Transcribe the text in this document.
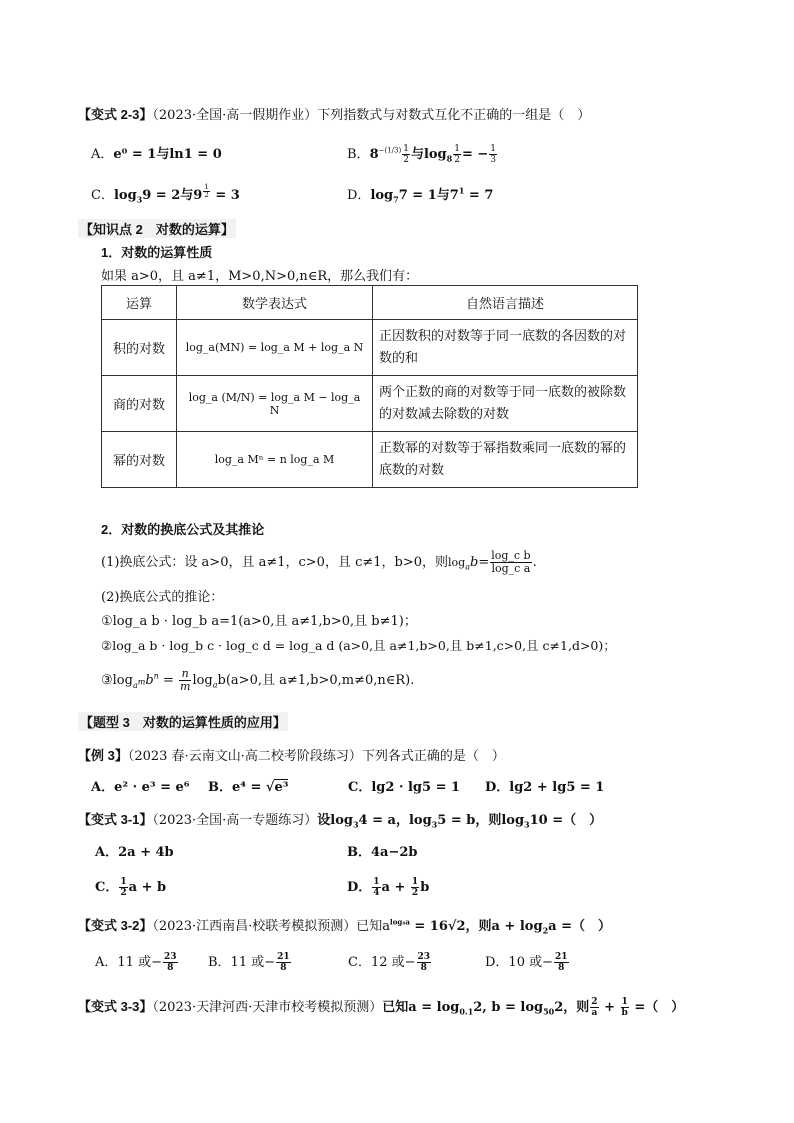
【变式 2-3】（2023·全国·高一假期作业）下列指数式与对数式互化不正确的一组是（　）
A．e⁰ = 1与ln1 = 0	B．$8^{-(1/3)} \frac{1}{2}$ 与$\log_8 \frac{1}{2}$ = − $\frac{1}{3}$
C．$\log_39 = 2$与$9 \frac{1}{2} = 3$	D．$\log_77 = 1$与$7^1 = 7$
【知识点 2　对数的运算】
1．对数的运算性质
如果 a>0，且 a≠1，M>0,N>0,n∈R，那么我们有：
运算	数学表达式	自然语言描述
积的对数	log_a(MN) = log_a M + log_a N	正因数积的对数等于同一底数的各因数的对数的和
商的对数	log_a (M/N) = log_a M − log_a N	两个正数的商的对数等于同一底数的被除数的对数减去除数的对数
幂的对数	log_a Mⁿ = n log_a M	正数幂的对数等于幂指数乘同一底数的幂的底数的对数
2．对数的换底公式及其推论
(1)换底公式：设 a>0，且 a≠1，c>0，且 c≠1，b>0，则$\log_ab= \frac{\text{log\_c b}}{\text{log\_c a}}$ .
(2)换底公式的推论：
①log_a b · log_b a=1(a>0,且 a≠1,b>0,且 b≠1)；
②log_a b · log_b c · log_c d = log_a d (a>0,且 a≠1,b>0,且 b≠1,c>0,且 c≠1,d>0)；
$③\log_{a^m}b^n = \frac{n}{m} \log_ab(a>0$,且 a≠1,b>0,m≠0,n∈R).
【题型 3　对数的运算性质的应用】
【例 3】（2023 春·云南文山·高二校考阶段练习）下列各式正确的是（　）
A．e² · e³ = e⁶ B．e⁴ = √e³	C．lg2 · lg5 = 1 D．lg2 + lg5 = 1
【变式 3-1】（2023·全国·高一专题练习）设$\log_34 = a$，$\log_35 = b$，则$\log_310$ =（　）
A．2a + 4b	B．4a−2b
C． $\frac{1}{2}$ a + b	D． $\frac{1}{4}$ $a + \frac{1}{2}$ b
【变式 3-2】（2023·江西南昌·校联考模拟预测）已知$a^{log_4a} = 16√2$，则$a + \log_2a$ =（　）
A．11 或− $\frac{23}{8}$ B．11 或− $\frac{21}{8}$	C．12 或− $\frac{23}{8}$	D．10 或− $\frac{21}{8}$
【变式 3-3】（2023·天津河西·天津市校考模拟预测）已知$a = \log_{0.1}2$, $b = \log_{50}2$，则 $\frac{2}{a} + \frac{1}{b}$ =（　）
